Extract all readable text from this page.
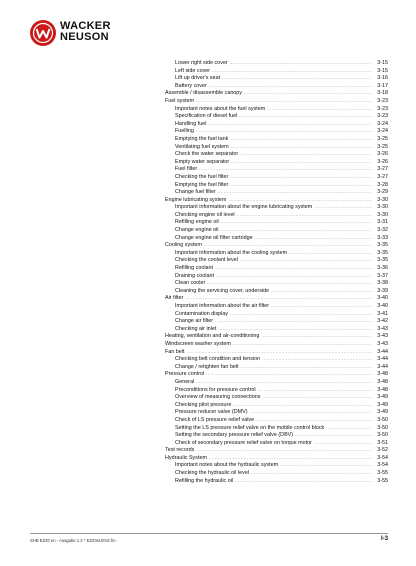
WACKER
NEUSON
Lower right side cover .....	3-15
Left side cover .....	3-15
Lift up driver's seat .....	3-16
Battery cover .....	3-17
Assemble / disassemble canopy .....	3-18
Fuel system .....	3-23
Important notes about the fuel system .....	3-23
Specification of diesel fuel .....	3-23
Handling fuel .....	3-24
Fuelling .....	3-24
Emptying the fuel tank .....	3-25
Ventilating fuel system .....	3-25
Check the water separator .....	3-26
Empty water separator .....	3-26
Fuel filter .....	3-27
Checking the fuel filter .....	3-27
Emptying the fuel filter .....	3-28
Change fuel filter .....	3-29
Engine lubricating system .....	3-30
Important information about the engine lubricating system .....	3-30
Checking engine oil level .....	3-30
Refilling engine oil .....	3-31
Change engine oil .....	3-32
Change engine oil filter cartridge .....	3-33
Cooling system .....	3-35
Important information about the cooling system .....	3-35
Checking the coolant level .....	3-35
Refilling coolant .....	3-36
Draining coolant .....	3-37
Clean cooler .....	3-38
Cleaning the servicing cover, underside .....	3-39
Air filter .....	3-40
Important information about the air filter .....	3-40
Contamination display .....	3-41
Change air filter .....	3-42
Checking air inlet .....	3-43
Heating, ventilation and air-conditioning .....	3-43
Windscreen washer system .....	3-43
Fan belt .....	3-44
Checking belt condition and tension .....	3-44
Change / retighten fan belt .....	3-44
Pressure control .....	3-48
General .....	3-48
Preconditions for pressure control .....	3-48
Overview of measuring connections .....	3-49
Checking pilot pressure .....	3-49
Pressure reducer valve (DMV) .....	3-49
Check of LS pressure relief valve .....	3-50
Setting the LS pressure relief valve on the mobile control block .....	3-50
Setting the secondary pressure relief valve (DBV) .....	3-50
Check of secondary pressure relief valve on torque motor .....	3-51
Test records .....	3-52
Hydraulic System .....	3-54
Important notes about the hydraulic system .....	3-54
Checking the hydraulic oil level .....	3-55
Refilling the hydraulic oil .....	3-55
SHB EZ20 en - Ausgabe 1.2 * EZ20s10IVZ.fm	I-3
